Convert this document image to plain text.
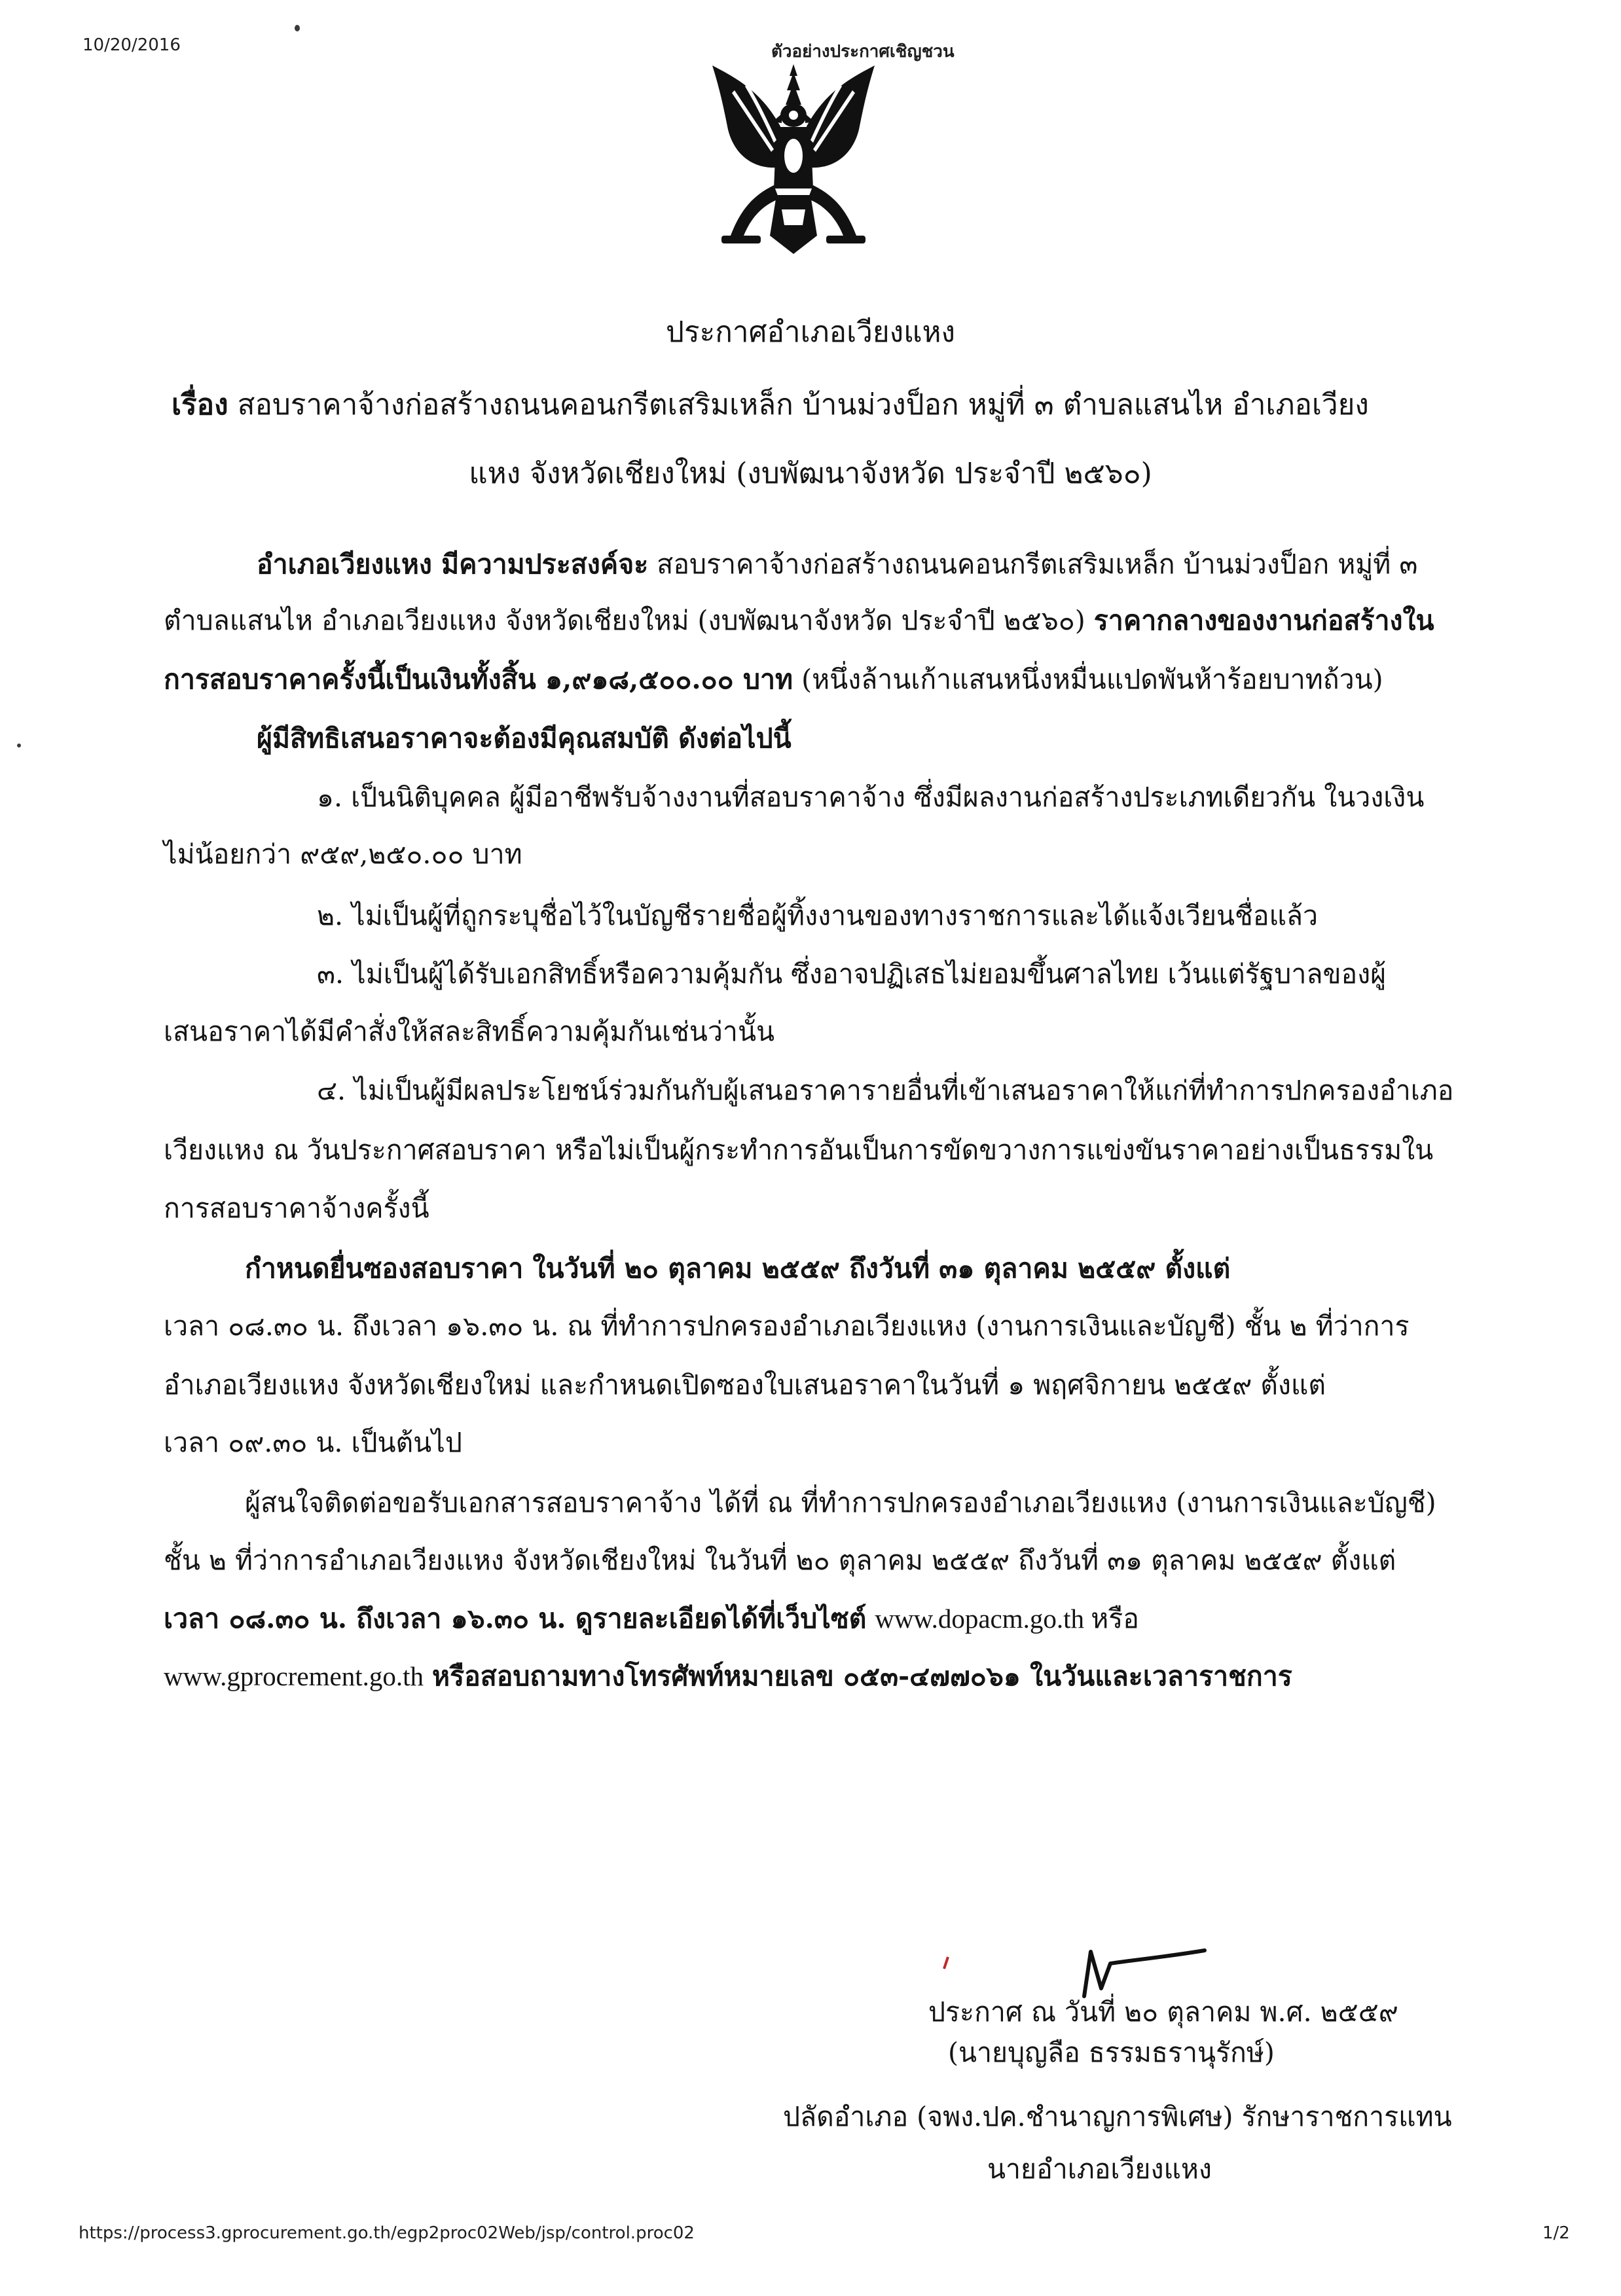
10/20/2016	ตัวอย่างประกาศเชิญชวน
ประกาศอำเภอเวียงแหง
เรื่อง สอบราคาจ้างก่อสร้างถนนคอนกรีตเสริมเหล็ก บ้านม่วงป็อก หมู่ที่ ๓ ตำบลแสนไห อำเภอเวียง
แหง จังหวัดเชียงใหม่ (งบพัฒนาจังหวัด ประจำปี ๒๕๖๐)
อำเภอเวียงแหง มีความประสงค์จะ สอบราคาจ้างก่อสร้างถนนคอนกรีตเสริมเหล็ก บ้านม่วงป็อก หมู่ที่ ๓
ตำบลแสนไห อำเภอเวียงแหง จังหวัดเชียงใหม่ (งบพัฒนาจังหวัด ประจำปี ๒๕๖๐) ราคากลางของงานก่อสร้างใน
การสอบราคาครั้งนี้เป็นเงินทั้งสิ้น ๑,๙๑๘,๕๐๐.๐๐ บาท (หนึ่งล้านเก้าแสนหนึ่งหมื่นแปดพันห้าร้อยบาทถ้วน)
ผู้มีสิทธิเสนอราคาจะต้องมีคุณสมบัติ ดังต่อไปนี้
๑. เป็นนิติบุคคล ผู้มีอาชีพรับจ้างงานที่สอบราคาจ้าง ซึ่งมีผลงานก่อสร้างประเภทเดียวกัน ในวงเงิน
ไม่น้อยกว่า ๙๕๙,๒๕๐.๐๐ บาท
๒. ไม่เป็นผู้ที่ถูกระบุชื่อไว้ในบัญชีรายชื่อผู้ทิ้งงานของทางราชการและได้แจ้งเวียนชื่อแล้ว
๓. ไม่เป็นผู้ได้รับเอกสิทธิ์หรือความคุ้มกัน ซึ่งอาจปฏิเสธไม่ยอมขึ้นศาลไทย เว้นแต่รัฐบาลของผู้
เสนอราคาได้มีคำสั่งให้สละสิทธิ์ความคุ้มกันเช่นว่านั้น
๔. ไม่เป็นผู้มีผลประโยชน์ร่วมกันกับผู้เสนอราคารายอื่นที่เข้าเสนอราคาให้แก่ที่ทำการปกครองอำเภอ
เวียงแหง ณ วันประกาศสอบราคา หรือไม่เป็นผู้กระทำการอันเป็นการขัดขวางการแข่งขันราคาอย่างเป็นธรรมใน
การสอบราคาจ้างครั้งนี้
กำหนดยื่นซองสอบราคา ในวันที่ ๒๐ ตุลาคม ๒๕๕๙ ถึงวันที่ ๓๑ ตุลาคม ๒๕๕๙ ตั้งแต่
เวลา ๐๘.๓๐ น. ถึงเวลา ๑๖.๓๐ น. ณ ที่ทำการปกครองอำเภอเวียงแหง (งานการเงินและบัญชี) ชั้น ๒ ที่ว่าการ
อำเภอเวียงแหง จังหวัดเชียงใหม่ และกำหนดเปิดซองใบเสนอราคาในวันที่ ๑ พฤศจิกายน ๒๕๕๙ ตั้งแต่
เวลา ๐๙.๓๐ น. เป็นต้นไป
ผู้สนใจติดต่อขอรับเอกสารสอบราคาจ้าง ได้ที่ ณ ที่ทำการปกครองอำเภอเวียงแหง (งานการเงินและบัญชี)
ชั้น ๒ ที่ว่าการอำเภอเวียงแหง จังหวัดเชียงใหม่ ในวันที่ ๒๐ ตุลาคม ๒๕๕๙ ถึงวันที่ ๓๑ ตุลาคม ๒๕๕๙ ตั้งแต่
เวลา ๐๘.๓๐ น. ถึงเวลา ๑๖.๓๐ น. ดูรายละเอียดได้ที่เว็บไซต์ www.dopacm.go.th หรือ
www.gprocrement.go.th หรือสอบถามทางโทรศัพท์หมายเลข ๐๕๓-๔๗๗๐๖๑ ในวันและเวลาราชการ
ประกาศ ณ วันที่ ๒๐ ตุลาคม พ.ศ. ๒๕๕๙
(นายบุญลือ ธรรมธรานุรักษ์)
ปลัดอำเภอ (จพง.ปค.ชำนาญการพิเศษ) รักษาราชการแทน
นายอำเภอเวียงแหง
https://process3.gprocurement.go.th/egp2proc02Web/jsp/control.proc02	1/2
